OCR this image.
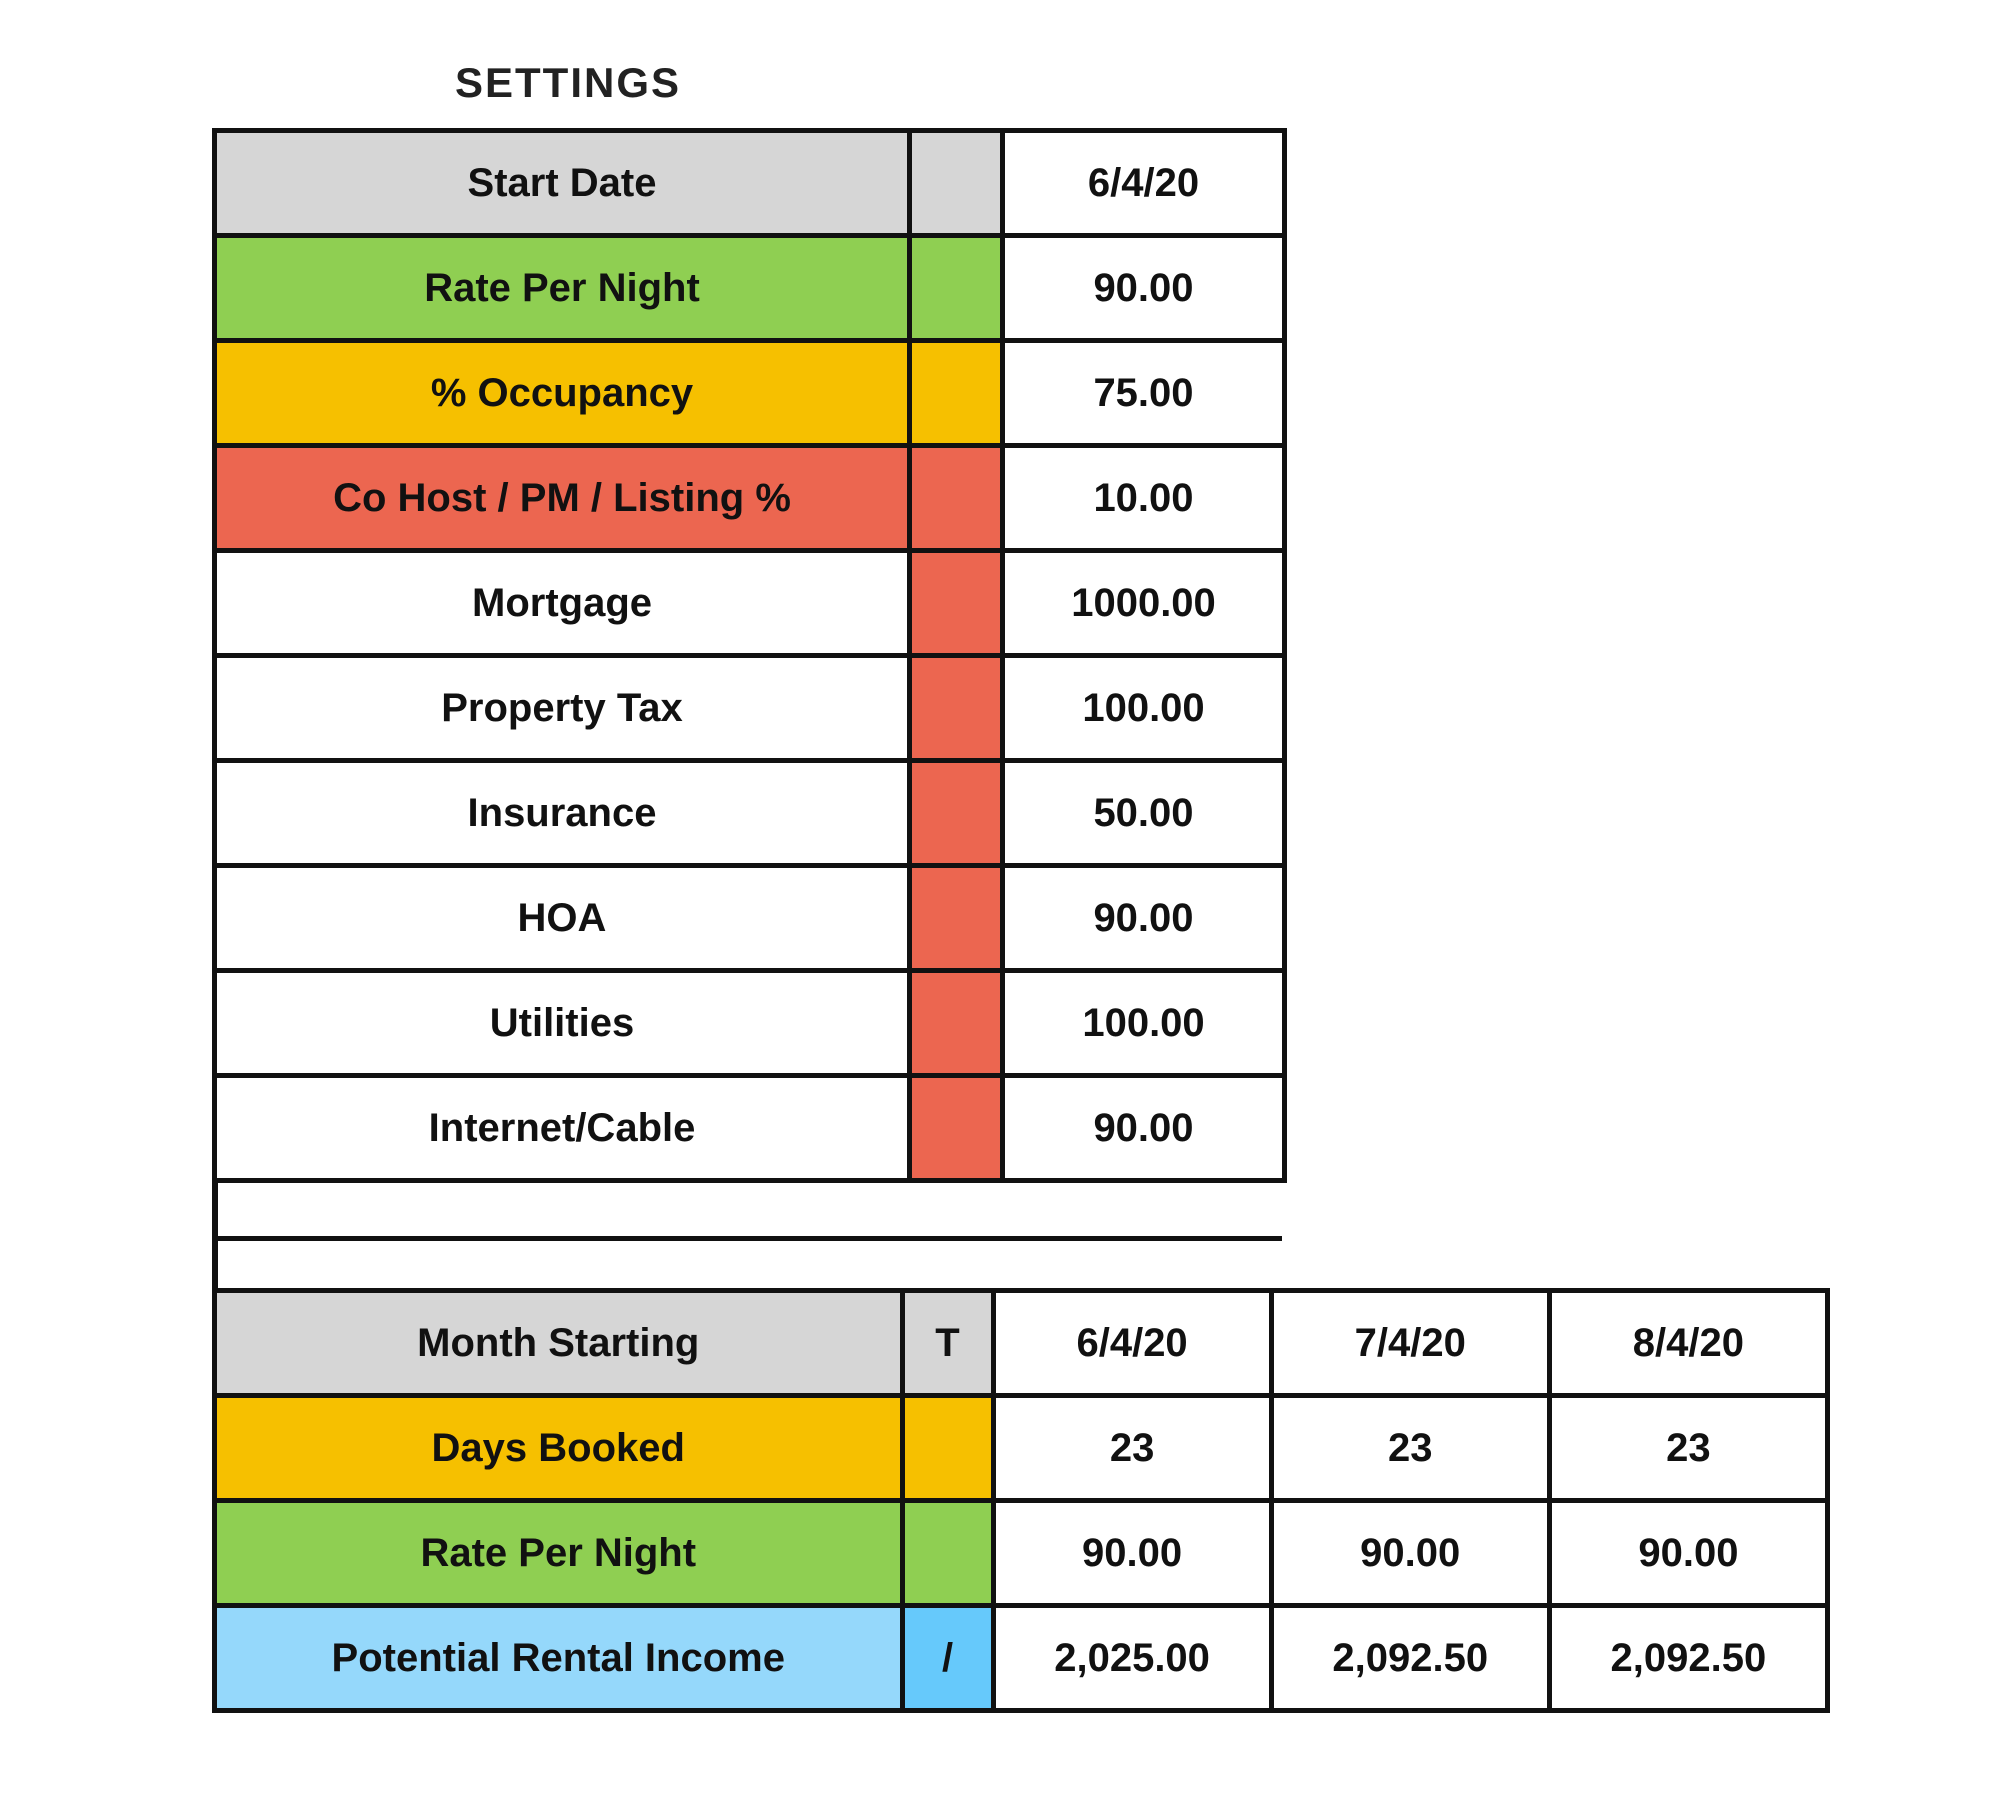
SETTINGS
Start Date		6/4/20
Rate Per Night		90.00
% Occupancy		75.00
Co Host / PM / Listing %		10.00
Mortgage		1000.00
Property Tax		100.00
Insurance		50.00
HOA		90.00
Utilities		100.00
Internet/Cable		90.00
Month Starting	T	6/4/20	7/4/20	8/4/20
Days Booked		23	23	23
Rate Per Night		90.00	90.00	90.00
Potential Rental Income	/	2,025.00	2,092.50	2,092.50
